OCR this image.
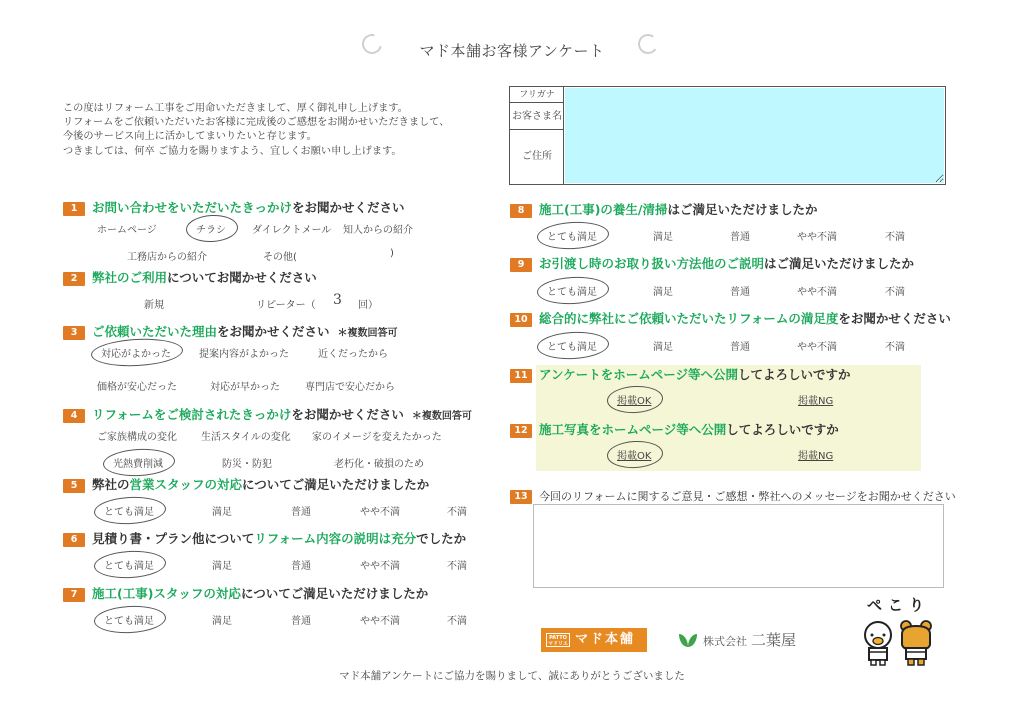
マド本舗お客様アンケート
この度はリフォーム工事をご用命いただきまして、厚く御礼申し上げます。
リフォームをご依頼いただいたお客様に完成後のご感想をお聞かせいただきまして、
今後のサービス向上に活かしてまいりたいと存じます。
つきましては、何卒 ご協力を賜りますよう、宜しくお願い申し上げます。
フリガナ
お客さま名
ご住所
1 お問い合わせをいただいたきっかけをお聞かせください
ホームページ	チラシ	ダイレクトメール 知人からの紹介
工務店からの紹介	その他(	)
2 弊社のご利用についてお聞かせください
新規	リピーター（ 3 回）
3 ご依頼いただいた理由をお聞かせください ＊複数回答可
対応がよかった	提案内容がよかった	近くだったから
価格が安心だった	対応が早かった	専門店で安心だから
4 リフォームをご検討されたきっかけをお聞かせください ＊複数回答可
ご家族構成の変化 生活スタイルの変化 家のイメージを変えたかった
光熱費削減	防災・防犯	老朽化・破損のため
5 弊社の営業スタッフの対応についてご満足いただけましたか
とても満足	満足	普通	やや不満	不満
6 見積り書・プラン他についてリフォーム内容の説明は充分でしたか
とても満足	満足	普通	やや不満	不満
7 施工(工事)スタッフの対応についてご満足いただけましたか
とても満足	満足	普通	やや不満	不満
8 施工(工事)の養生/清掃はご満足いただけましたか
とても満足	満足	普通	やや不満	不満
9 お引渡し時のお取り扱い方法他のご説明はご満足いただけましたか
とても満足	満足	普通	やや不満	不満
10 総合的に弊社にご依頼いただいたリフォームの満足度をお聞かせください
とても満足	満足	普通	やや不満	不満
11 アンケートをホームページ等へ公開してよろしいですか
掲載OK	掲載NG
12 施工写真をホームページ等へ公開してよろしいですか
掲載OK	掲載NG
13 今回のリフォームに関するご意見・ご感想・弊社へのメッセージをお聞かせください
PATTO
マドリエ マド本舗	株式会社 二葉屋
ぺこり
マド本舗アンケートにご協力を賜りまして、誠にありがとうございました
